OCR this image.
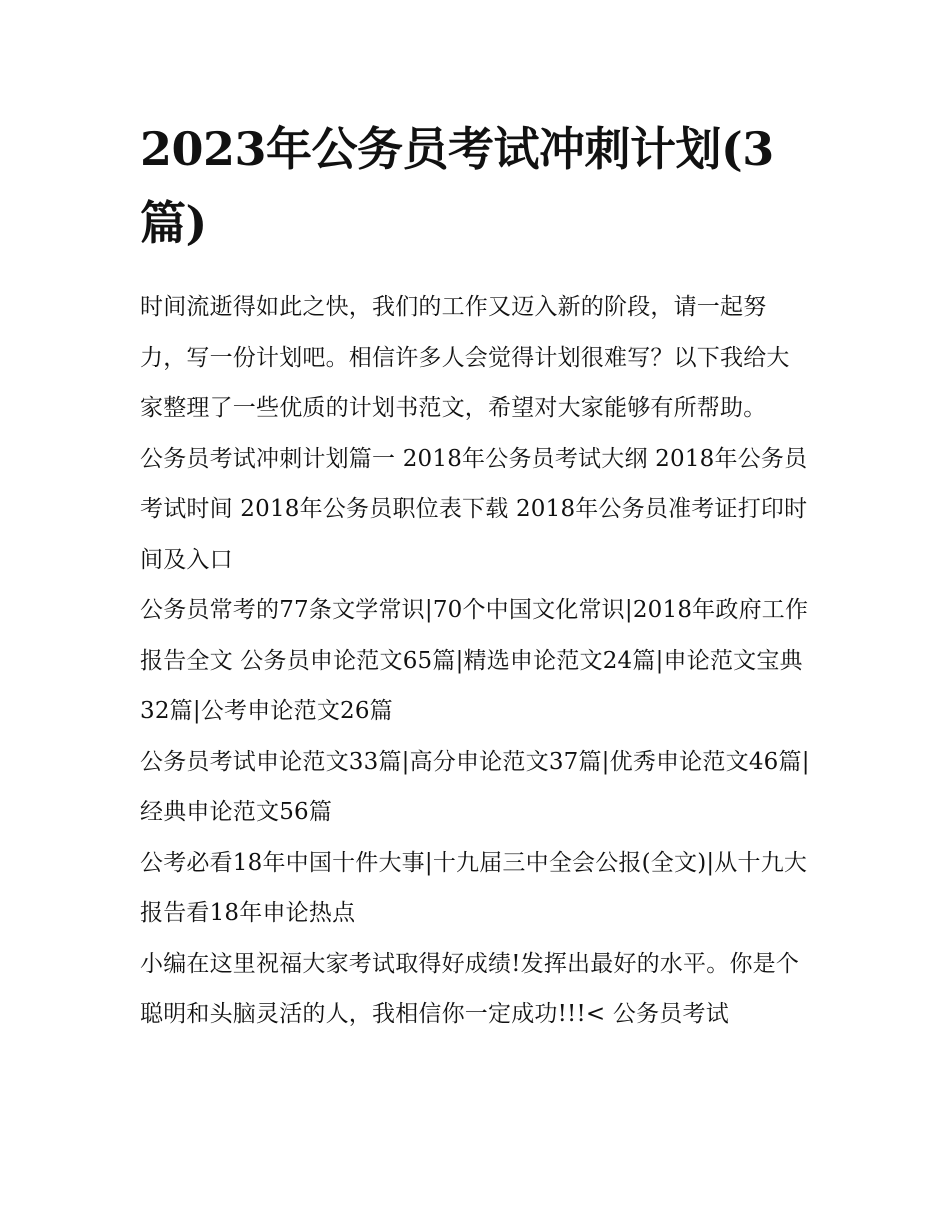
2023年公务员考试冲刺计划(3篇)

时间流逝得如此之快，我们的工作又迈入新的阶段，请一起努力，写一份计划吧。相信许多人会觉得计划很难写？以下我给大家整理了一些优质的计划书范文，希望对大家能够有所帮助。

公务员考试冲刺计划篇一 2018年公务员考试大纲 2018年公务员考试时间 2018年公务员职位表下载 2018年公务员准考证打印时间及入口

公务员常考的77条文学常识|70个中国文化常识|2018年政府工作报告全文 公务员申论范文65篇|精选申论范文24篇|申论范文宝典32篇|公考申论范文26篇

公务员考试申论范文33篇|高分申论范文37篇|优秀申论范文46篇|经典申论范文56篇

公考必看18年中国十件大事|十九届三中全会公报(全文)|从十九大报告看18年申论热点

小编在这里祝福大家考试取得好成绩!发挥出最好的水平。你是个聪明和头脑灵活的人，我相信你一定成功!!!< 公务员考试
